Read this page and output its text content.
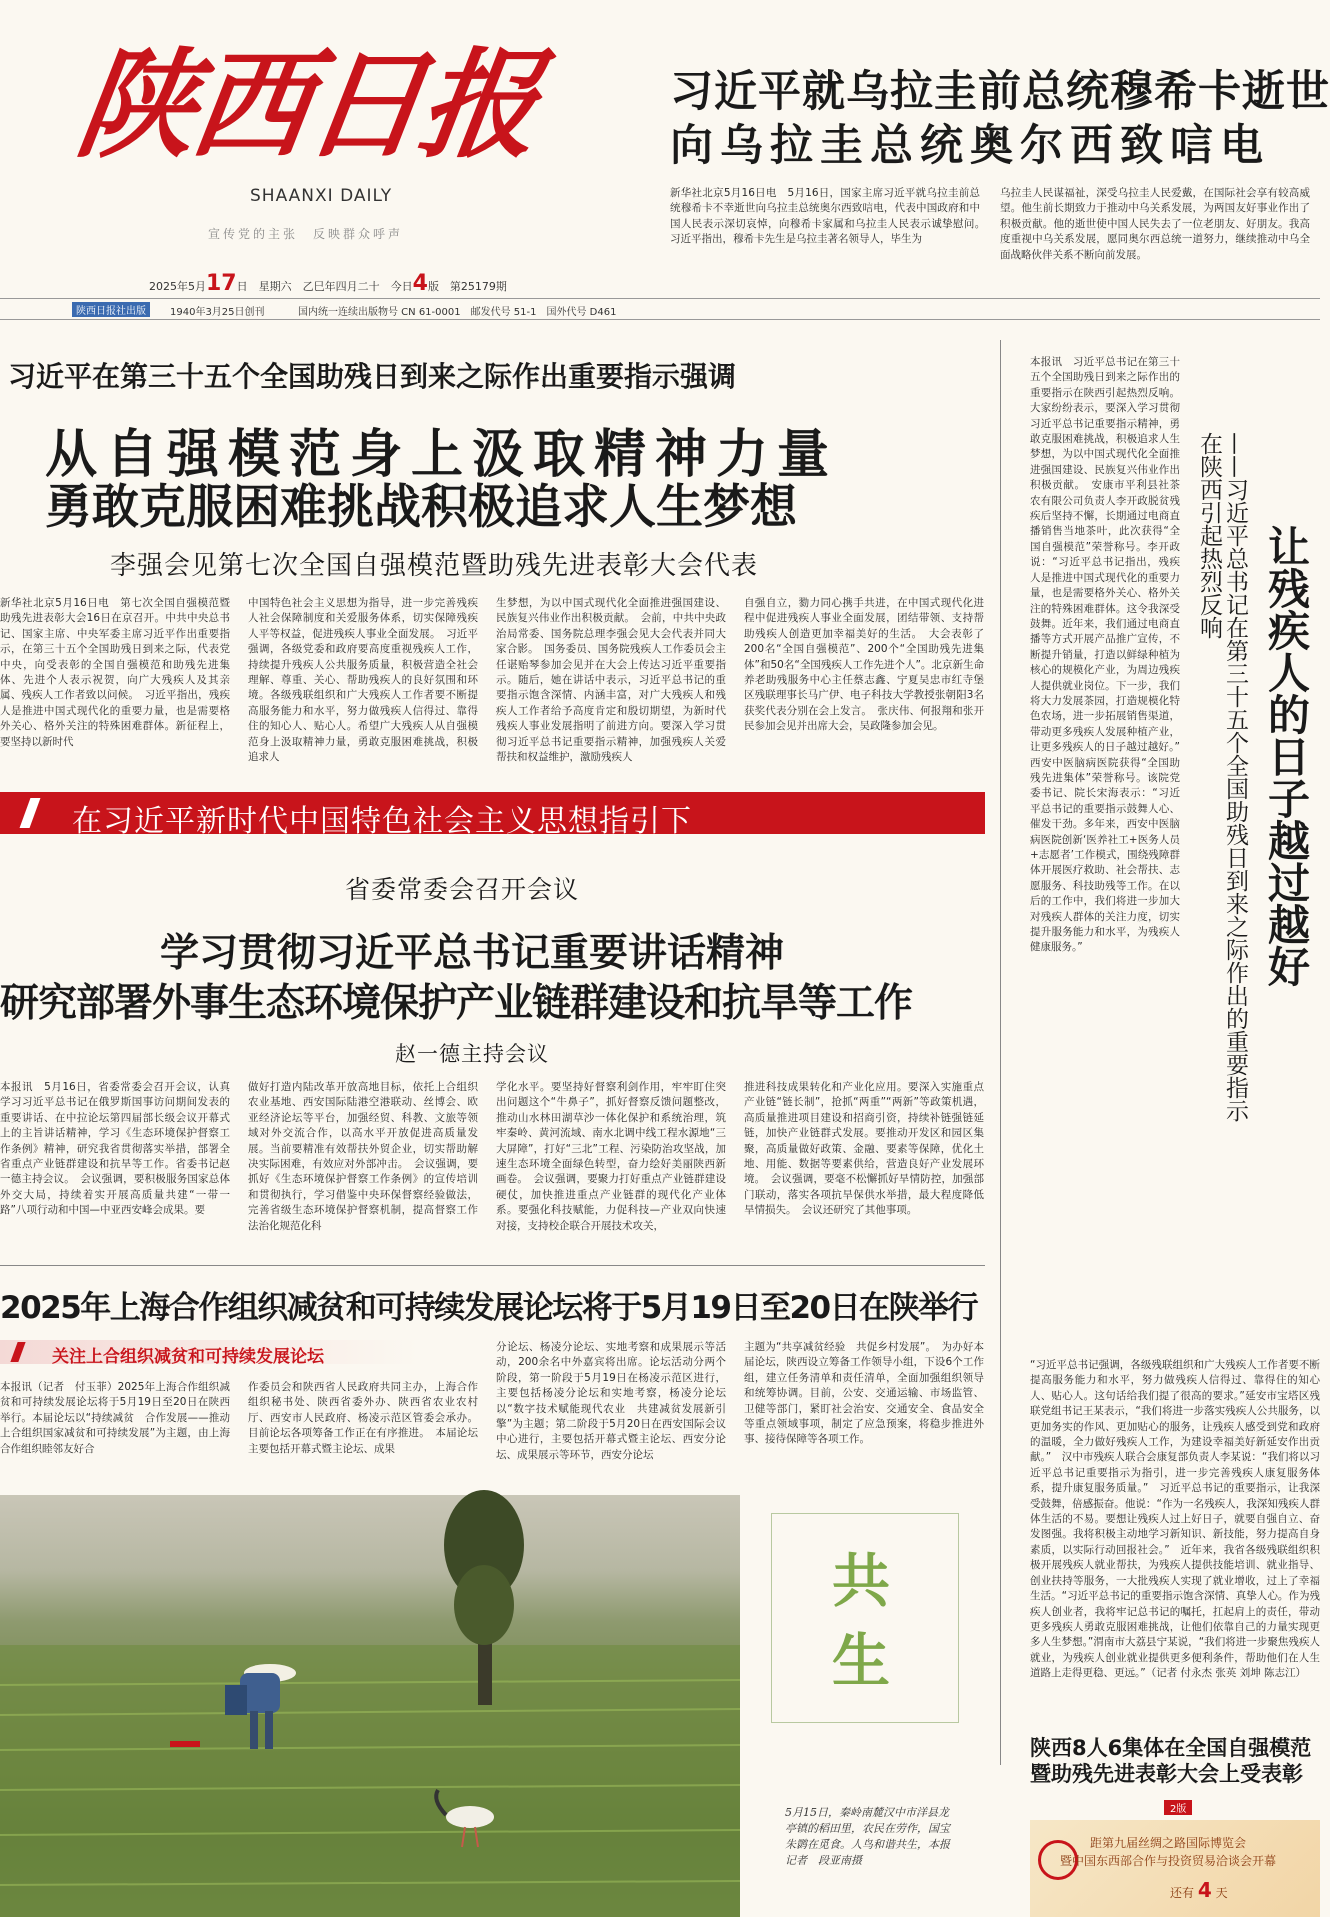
陕西日报
SHAANXI DAILY
宣传党的主张　反映群众呼声

2025年5月17日　星期六　乙巳年四月二十　今日4版　第25179期

习近平就乌拉圭前总统穆希卡逝世
向乌拉圭总统奥尔西致唁电
新华社北京5月16日电　5月16日，国家主席习近平就乌拉圭前总统穆希卡不幸逝世向乌拉圭总统奥尔西致唁电，代表中国政府和中国人民表示深切哀悼，向穆希卡家属和乌拉圭人民表示诚挚慰问。　习近平指出，穆希卡先生是乌拉圭著名领导人，毕生为
乌拉圭人民谋福祉，深受乌拉圭人民爱戴，在国际社会享有较高威望。他生前长期致力于推动中乌关系发展，为两国友好事业作出了积极贡献。他的逝世使中国人民失去了一位老朋友、好朋友。我高度重视中乌关系发展，愿同奥尔西总统一道努力，继续推动中乌全面战略伙伴关系不断向前发展。
陕西日报社出版	1940年3月25日创刊	国内统一连续出版物号 CN 61-0001　邮发代号 51-1　国外代号 D461
习近平在第三十五个全国助残日到来之际作出重要指示强调
从自强模范身上汲取精神力量
勇敢克服困难挑战积极追求人生梦想
李强会见第七次全国自强模范暨助残先进表彰大会代表
新华社北京5月16日电　第七次全国自强模范暨助残先进表彰大会16日在京召开。中共中央总书记、国家主席、中央军委主席习近平作出重要指示，在第三十五个全国助残日到来之际，代表党中央，向受表彰的全国自强模范和助残先进集体、先进个人表示祝贺，向广大残疾人及其亲属、残疾人工作者致以问候。　习近平指出，残疾人是推进中国式现代化的重要力量，也是需要格外关心、格外关注的特殊困难群体。新征程上，要坚持以新时代
中国特色社会主义思想为指导，进一步完善残疾人社会保障制度和关爱服务体系，切实保障残疾人平等权益，促进残疾人事业全面发展。　习近平强调，各级党委和政府要高度重视残疾人工作，持续提升残疾人公共服务质量，积极营造全社会理解、尊重、关心、帮助残疾人的良好氛围和环境。各级残联组织和广大残疾人工作者要不断提高服务能力和水平，努力做残疾人信得过、靠得住的知心人、贴心人。希望广大残疾人从自强模范身上汲取精神力量，勇敢克服困难挑战，积极追求人
生梦想，为以中国式现代化全面推进强国建设、民族复兴伟业作出积极贡献。　会前，中共中央政治局常委、国务院总理李强会见大会代表并同大家合影。　国务委员、国务院残疾人工作委员会主任谌贻琴参加会见并在大会上传达习近平重要指示。随后，她在讲话中表示，习近平总书记的重要指示饱含深情、内涵丰富，对广大残疾人和残疾人工作者给予高度肯定和殷切期望，为新时代残疾人事业发展指明了前进方向。要深入学习贯彻习近平总书记重要指示精神，加强残疾人关爱帮扶和权益维护，激励残疾人
自强自立，勠力同心携手共进，在中国式现代化进程中促进残疾人事业全面发展，团结带领、支持帮助残疾人创造更加幸福美好的生活。　大会表彰了200名“全国自强模范”、200个“全国助残先进集体”和50名“全国残疾人工作先进个人”。北京新生命养老助残服务中心主任蔡志鑫、宁夏吴忠市红寺堡区残联理事长马广伊、电子科技大学教授张朝阳3名获奖代表分别在会上发言。　张庆伟、何报翔和张开民参加会见并出席大会，吴政隆参加会见。
本报讯　习近平总书记在第三十五个全国助残日到来之际作出的重要指示在陕西引起热烈反响。大家纷纷表示，要深入学习贯彻习近平总书记重要指示精神，勇敢克服困难挑战，积极追求人生梦想，为以中国式现代化全面推进强国建设、民族复兴伟业作出积极贡献。　安康市平利县社茶农有限公司负责人李开政脱贫残疾后坚持不懈，长期通过电商直播销售当地茶叶，此次获得“全国自强模范”荣誉称号。李开政说：“习近平总书记指出，残疾人是推进中国式现代化的重要力量，也是需要格外关心、格外关注的特殊困难群体。这令我深受鼓舞。近年来，我们通过电商直播等方式开展产品推广宣传，不断提升销量，打造以鲜绿种植为核心的规模化产业，为周边残疾人提供就业岗位。下一步，我们将大力发展茶园，打造规模化特色农场，进一步拓展销售渠道，带动更多残疾人发展种植产业，让更多残疾人的日子越过越好。”　西安中医脑病医院获得“全国助残先进集体”荣誉称号。该院党委书记、院长宋海表示：“习近平总书记的重要指示鼓舞人心、催发干劲。多年来，西安中医脑病医院创新‘医养社工+医务人员+志愿者’工作模式，围绕残障群体开展医疗救助、社会帮扶、志愿服务、科技助残等工作。在以后的工作中，我们将进一步加大对残疾人群体的关注力度，切实提升服务能力和水平，为残疾人健康服务。”	——习近平总书记在第三十五个全国助残日到来之际作出的重要指示在陕西引起热烈反响 让残疾人的日子越过越好
“习近平总书记强调，各级残联组织和广大残疾人工作者要不断提高服务能力和水平，努力做残疾人信得过、靠得住的知心人、贴心人。这句话给我们提了很高的要求。”延安市宝塔区残联党组书记王某表示，“我们将进一步落实残疾人公共服务，以更加务实的作风、更加贴心的服务，让残疾人感受到党和政府的温暖，全力做好残疾人工作，为建设幸福美好新延安作出贡献。”　汉中市残疾人联合会康复部负责人李某说：“我们将以习近平总书记重要指示为指引，进一步完善残疾人康复服务体系，提升康复服务质量。”　习近平总书记的重要指示，让我深受鼓舞，倍感振奋。他说：“作为一名残疾人，我深知残疾人群体生活的不易。要想让残疾人过上好日子，就要自强自立、奋发图强。我将积极主动地学习新知识、新技能，努力提高自身素质，以实际行动回报社会。”　近年来，我省各级残联组织积极开展残疾人就业帮扶，为残疾人提供技能培训、就业指导、创业扶持等服务，一大批残疾人实现了就业增收，过上了幸福生活。“习近平总书记的重要指示饱含深情、真挚人心。作为残疾人创业者，我将牢记总书记的嘱托，扛起肩上的责任，带动更多残疾人勇敢克服困难挑战，让他们依靠自己的力量实现更多人生梦想。”渭南市大荔县宁某说，“我们将进一步聚焦残疾人就业，为残疾人创业就业提供更多便利条件，帮助他们在人生道路上走得更稳、更远。”（记者 付永杰 张英 刘坤 陈志江）
陕西8人6集体在全国自强模范暨助残先进表彰大会上受表彰
2版
距第九届丝绸之路国际博览会
暨中国东西部合作与投资贸易洽谈会开幕
还有 4 天
在习近平新时代中国特色社会主义思想指引下
省委常委会召开会议
学习贯彻习近平总书记重要讲话精神
研究部署外事生态环境保护产业链群建设和抗旱等工作
赵一德主持会议
本报讯　5月16日，省委常委会召开会议，认真学习习近平总书记在俄罗斯国事访问期间发表的重要讲话、在中拉论坛第四届部长级会议开幕式上的主旨讲话精神，学习《生态环境保护督察工作条例》精神，研究我省贯彻落实举措，部署全省重点产业链群建设和抗旱等工作。省委书记赵一德主持会议。　会议强调，要积极服务国家总体外交大局，持续着实开展高质量共建“一带一路”八项行动和中国—中亚西安峰会成果。要
做好打造内陆改革开放高地目标，依托上合组织农业基地、西安国际陆港空港联动、丝博会、欧亚经济论坛等平台，加强经贸、科教、文旅等领域对外交流合作，以高水平开放促进高质量发展。当前要精准有效帮扶外贸企业，切实帮助解决实际困难，有效应对外部冲击。　会议强调，要抓好《生态环境保护督察工作条例》的宣传培训和贯彻执行，学习借鉴中央环保督察经验做法，完善省级生态环境保护督察机制，提高督察工作法治化规范化科
学化水平。要坚持好督察利剑作用，牢牢盯住突出问题这个“牛鼻子”，抓好督察反馈问题整改，推动山水林田湖草沙一体化保护和系统治理，筑牢秦岭、黄河流域、南水北调中线工程水源地“三大屏障”，打好“三北”工程、污染防治攻坚战，加速生态环境全面绿色转型，奋力绘好美丽陕西新画卷。　会议强调，要聚力打好重点产业链群建设硬仗，加快推进重点产业链群的现代化产业体系。要强化科技赋能，力促科技—产业双向快速对接，支持校企联合开展技术攻关，
推进科技成果转化和产业化应用。要深入实施重点产业链“链长制”，抢抓“两重”“两新”等政策机遇，高质量推进项目建设和招商引资，持续补链强链延链，加快产业链群式发展。要推动开发区和园区集聚，高质量做好政策、金融、要素等保障，优化土地、用能、数据等要素供给，营造良好产业发展环境。　会议强调，要毫不松懈抓好旱情防控，加强部门联动，落实各项抗旱保供水举措，最大程度降低旱情损失。　会议还研究了其他事项。
2025年上海合作组织减贫和可持续发展论坛将于5月19日至20日在陕举行
关注上合组织减贫和可持续发展论坛
本报讯（记者　付玉菲）2025年上海合作组织减贫和可持续发展论坛将于5月19日至20日在陕西举行。本届论坛以“持续减贫　合作发展——推动上合组织国家减贫和可持续发展”为主题，由上海合作组织睦邻友好合
作委员会和陕西省人民政府共同主办，上海合作组织秘书处、陕西省委外办、陕西省农业农村厅、西安市人民政府、杨凌示范区管委会承办。目前论坛各项筹备工作正在有序推进。　本届论坛主要包括开幕式暨主论坛、成果
分论坛、杨凌分论坛、实地考察和成果展示等活动，200余名中外嘉宾将出席。论坛活动分两个阶段，第一阶段于5月19日在杨凌示范区进行，主要包括杨凌分论坛和实地考察，杨凌分论坛以“数字技术赋能现代农业　共建减贫发展新引擎”为主题；第二阶段于5月20日在西安国际会议中心进行，主要包括开幕式暨主论坛、西安分论坛、成果展示等环节，西安分论坛
主题为“共享减贫经验　共促乡村发展”。　为办好本届论坛，陕西设立筹备工作领导小组，下设6个工作组，建立任务清单和责任清单，全面加强组织领导和统筹协调。目前，公安、交通运输、市场监管、卫健等部门，紧盯社会治安、交通安全、食品安全等重点领域事项，制定了应急预案，将稳步推进外事、接待保障等各项工作。
共
生
5月15日，秦岭南麓汉中市洋县龙亭镇的稻田里，农民在劳作，国宝朱鹮在觅食。人鸟和谐共生，本报记者　段亚南摄
